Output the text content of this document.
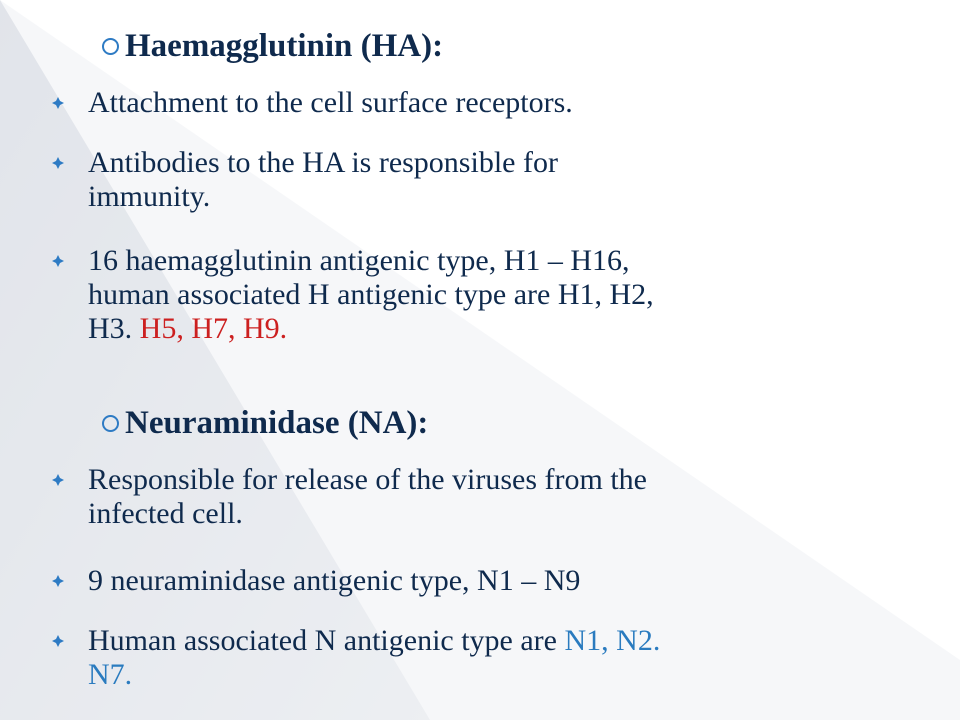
Haemagglutinin (HA):
Attachment to the cell surface receptors.
Antibodies to the HA is responsible for
immunity.
16 haemagglutinin antigenic type, H1 – H16,
human associated H antigenic type are H1, H2,
H3. H5, H7, H9.
Neuraminidase (NA):
Responsible for release of the viruses from the
infected cell.
9 neuraminidase antigenic type, N1 – N9
Human associated N antigenic type are N1, N2.
N7.
